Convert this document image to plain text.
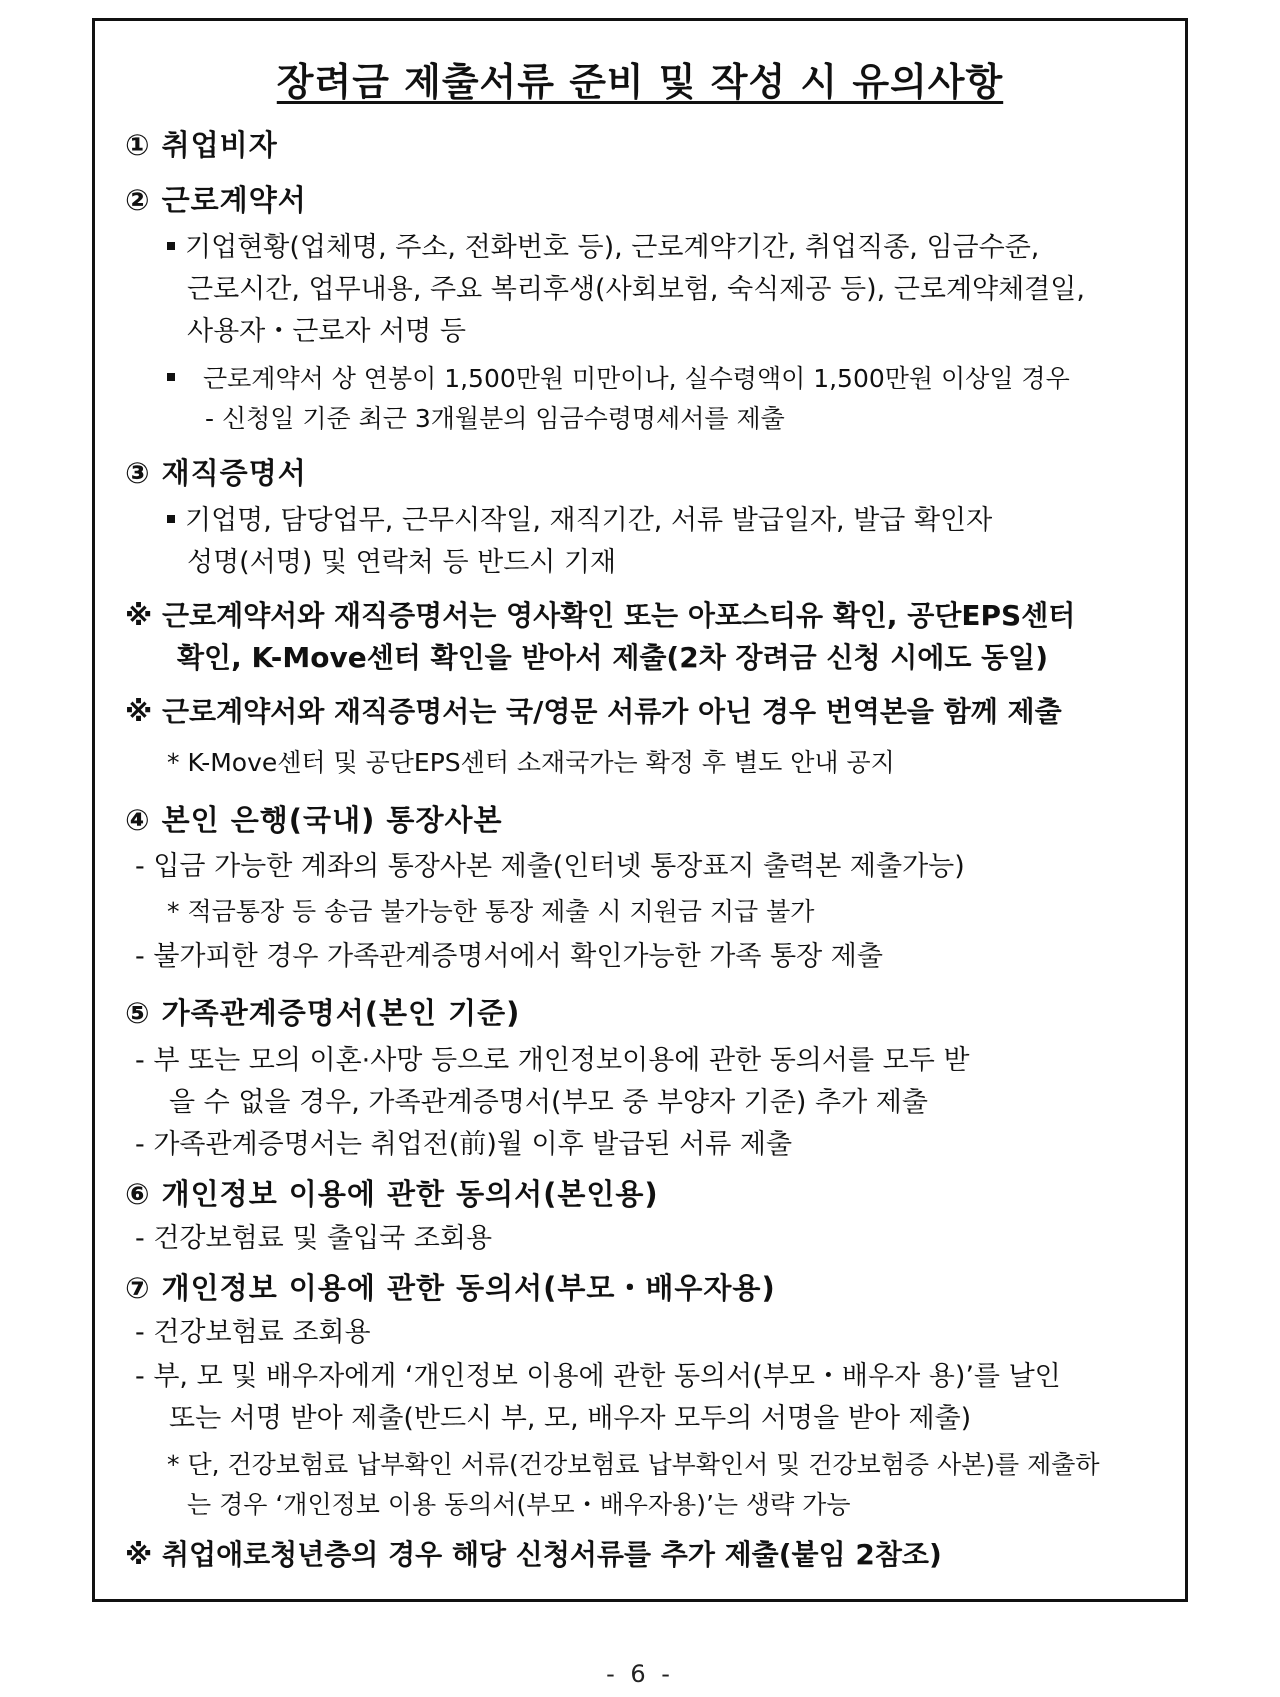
장려금 제출서류 준비 및 작성 시 유의사항
① 취업비자
② 근로계약서
기업현황(업체명, 주소, 전화번호 등), 근로계약기간, 취업직종, 임금수준,
근로시간, 업무내용, 주요 복리후생(사회보험, 숙식제공 등), 근로계약체결일,
사용자・근로자 서명 등
근로계약서 상 연봉이 1,500만원 미만이나, 실수령액이 1,500만원 이상일 경우
- 신청일 기준 최근 3개월분의 임금수령명세서를 제출
③ 재직증명서
기업명, 담당업무, 근무시작일, 재직기간, 서류 발급일자, 발급 확인자
성명(서명) 및 연락처 등 반드시 기재
※ 근로계약서와 재직증명서는 영사확인 또는 아포스티유 확인, 공단EPS센터
확인, K-Move센터 확인을 받아서 제출(2차 장려금 신청 시에도 동일)
※ 근로계약서와 재직증명서는 국/영문 서류가 아닌 경우 번역본을 함께 제출
* K-Move센터 및 공단EPS센터 소재국가는 확정 후 별도 안내 공지
④ 본인 은행(국내) 통장사본
- 입금 가능한 계좌의 통장사본 제출(인터넷 통장표지 출력본 제출가능)
* 적금통장 등 송금 불가능한 통장 제출 시 지원금 지급 불가
- 불가피한 경우 가족관계증명서에서 확인가능한 가족 통장 제출
⑤ 가족관계증명서(본인 기준)
- 부 또는 모의 이혼·사망 등으로 개인정보이용에 관한 동의서를 모두 받
을 수 없을 경우, 가족관계증명서(부모 중 부양자 기준) 추가 제출
- 가족관계증명서는 취업전(前)월 이후 발급된 서류 제출
⑥ 개인정보 이용에 관한 동의서(본인용)
- 건강보험료 및 출입국 조회용
⑦ 개인정보 이용에 관한 동의서(부모・배우자용)
- 건강보험료 조회용
- 부, 모 및 배우자에게 ‘개인정보 이용에 관한 동의서(부모・배우자 용)’를 날인
또는 서명 받아 제출(반드시 부, 모, 배우자 모두의 서명을 받아 제출)
* 단, 건강보험료 납부확인 서류(건강보험료 납부확인서 및 건강보험증 사본)를 제출하
는 경우 ‘개인정보 이용 동의서(부모・배우자용)’는 생략 가능
※ 취업애로청년층의 경우 해당 신청서류를 추가 제출(붙임 2참조)
- 6 -
